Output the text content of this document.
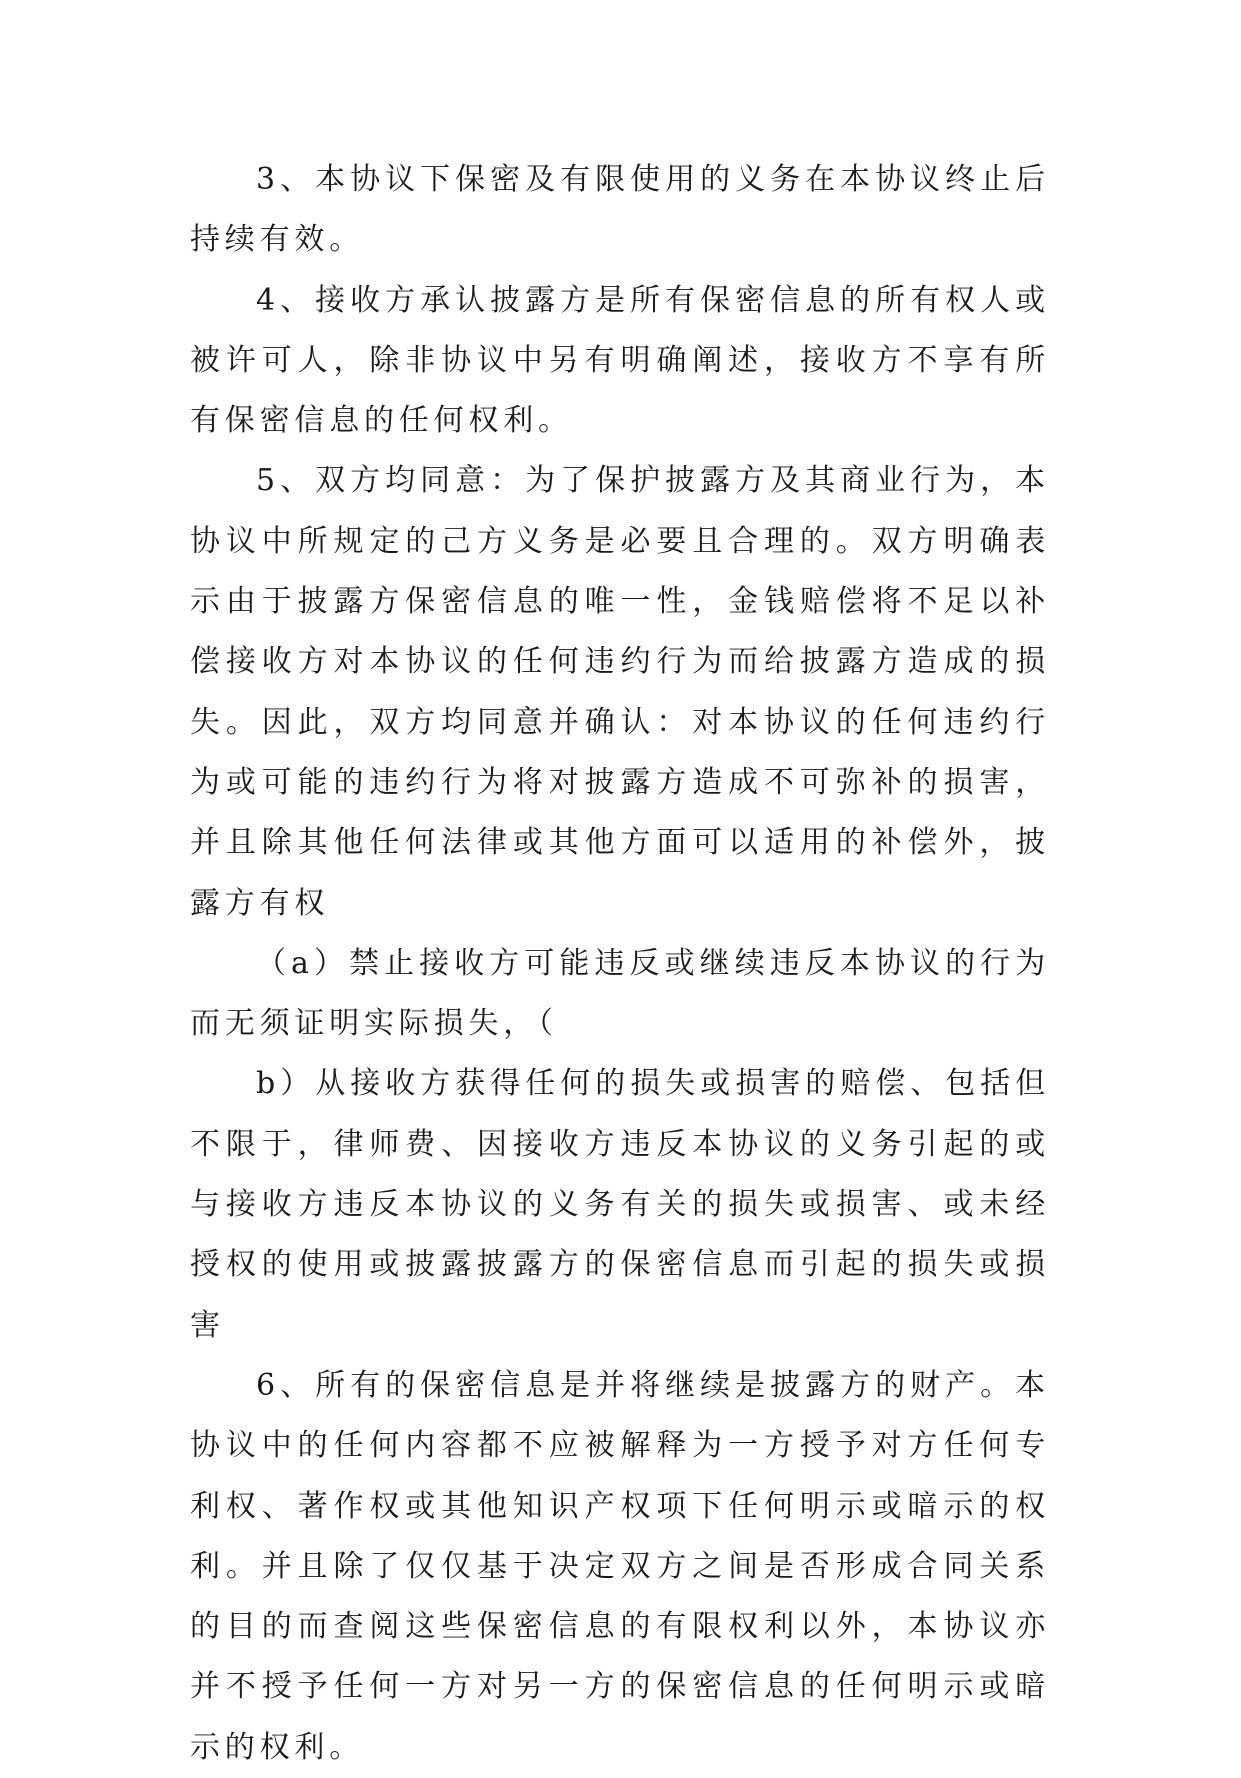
3、本协议下保密及有限使用的义务在本协议终止后持续有效。

4、接收方承认披露方是所有保密信息的所有权人或被许可人，除非协议中另有明确阐述，接收方不享有所有保密信息的任何权利。

5、双方均同意：为了保护披露方及其商业行为，本协议中所规定的己方义务是必要且合理的。双方明确表示由于披露方保密信息的唯一性，金钱赔偿将不足以补偿接收方对本协议的任何违约行为而给披露方造成的损失。因此，双方均同意并确认：对本协议的任何违约行为或可能的违约行为将对披露方造成不可弥补的损害，并且除其他任何法律或其他方面可以适用的补偿外，披露方有权

（a）禁止接收方可能违反或继续违反本协议的行为而无须证明实际损失，（

b）从接收方获得任何的损失或损害的赔偿、包括但不限于，律师费、因接收方违反本协议的义务引起的或与接收方违反本协议的义务有关的损失或损害、或未经授权的使用或披露披露方的保密信息而引起的损失或损害

6、所有的保密信息是并将继续是披露方的财产。本协议中的任何内容都不应被解释为一方授予对方任何专利权、著作权或其他知识产权项下任何明示或暗示的权利。并且除了仅仅基于决定双方之间是否形成合同关系的目的而查阅这些保密信息的有限权利以外，本协议亦并不授予任何一方对另一方的保密信息的任何明示或暗示的权利。
